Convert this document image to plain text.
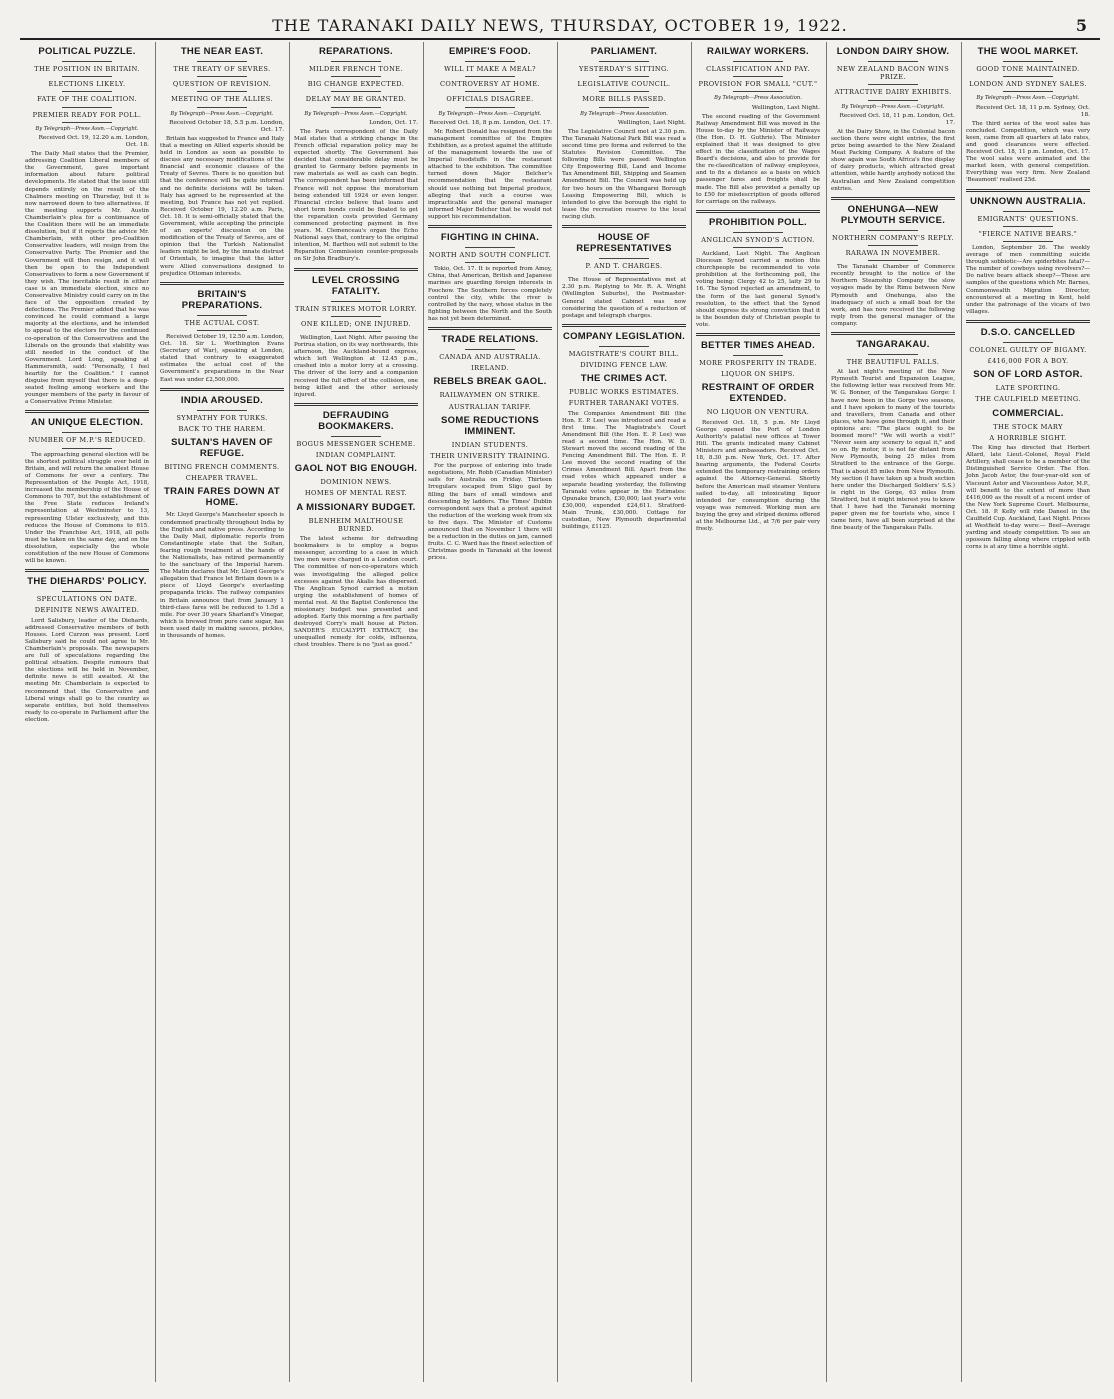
THE TARANAKI DAILY NEWS, THURSDAY, OCTOBER 19, 1922.	5
POLITICAL PUZZLE.
THE POSITION IN BRITAIN.
ELECTIONS LIKELY.
FATE OF THE COALITION.
PREMIER READY FOR POLL.
By Telegraph—Press Assn.—Copyright.
Received Oct. 19, 12.20 a.m. London, Oct. 18.

The Daily Mail states that the Premier, addressing Coalition Liberal members of the Government, gave important information about future political developments. He stated that the issue still depends entirely on the result of the Chalmers meeting on Thursday, but it is now narrowed down to two alternatives. If the meeting supports Mr. Austin Chamberlain's plea for a continuance of the Coalition there will be an immediate dissolution, but if it rejects the advice Mr. Chamberlain, with other pro-Coalition Conservative leaders, will resign from the Conservative Party. The Premier and the Government will then resign, and it will then be open to the Independent Conservatives to form a new Government if they wish. The inevitable result in either case is an immediate election, since no Conservative Ministry could carry on in the face of the opposition created by defections. The Premier added that he was convinced he could command a large majority at the elections, and he intended to appeal to the electors for the continued co-operation of the Conservatives and the Liberals on the grounds that stability was still needed in the conduct of the Government. Lord Long, speaking at Hammersmith, said: "Personally, I feel heartily for the Coalition." I cannot disguise from myself that there is a deep-seated feeling among workers and the younger members of the party in favour of a Conservative Prime Minister.

AN UNIQUE ELECTION.
NUMBER OF M.P.'S REDUCED.

The approaching general election will be the shortest political struggle ever held in Britain, and will return the smallest House of Commons for over a century. The Representation of the People Act, 1918, increased the membership of the House of Commons to 707, but the establishment of the Free State reduces Ireland's representation at Westminster to 13, representing Ulster exclusively, and this reduces the House of Commons to 615. Under the Franchise Act, 1918, all polls must be taken on the same day, and on the dissolution, especially the whole constitution of the new House of Commons will be known.

THE DIEHARDS' POLICY.
SPECULATIONS ON DATE.
DEFINITE NEWS AWAITED.

Lord Salisbury, leader of the Diehards, addressed Conservative members of both Houses. Lord Curzon was present. Lord Salisbury said he could not agree to Mr. Chamberlain's proposals. The newspapers are full of speculations regarding the political situation. Despite rumours that the elections will be held in November, definite news is still awaited. At the meeting Mr. Chamberlain is expected to recommend that the Conservative and Liberal wings shall go to the country as separate entities, but hold themselves ready to co-operate in Parliament after the election.

THE NEAR EAST.
THE TREATY OF SEVRES.
QUESTION OF REVISION.
MEETING OF THE ALLIES.
By Telegraph—Press Assn.—Copyright.
Received October 18, 5.5 p.m. London, Oct. 17.

Britain has suggested to France and Italy that a meeting on Allied experts should be held in London as soon as possible to discuss any necessary modifications of the financial and economic clauses of the Treaty of Sevres. There is no question but that the conference will be quite informal and no definite decisions will be taken. Italy has agreed to be represented at the meeting, but France has not yet replied. Received October 19, 12.20 a.m. Paris, Oct. 18. It is semi-officially stated that the Government, while accepting the principle of an experts' discussion on the modification of the Treaty of Sevres, are of opinion that the Turkish Nationalist leaders might be led, by the innate distrust of Orientals, to imagine that the latter were Allied conversations designed to prejudice Ottoman interests.

BRITAIN'S PREPARATIONS.
THE ACTUAL COST.

Received October 19, 12.50 a.m. London, Oct. 18. Sir L. Worthington Evans (Secretary of War), speaking at London, stated that contrary to exaggerated estimates the actual cost of the Government's preparations in the Near East was under £2,500,000.

INDIA AROUSED.
SYMPATHY FOR TURKS.
BACK TO THE HAREM.
SULTAN'S HAVEN OF REFUGE.
BITING FRENCH COMMENTS.
CHEAPER TRAVEL.
TRAIN FARES DOWN AT HOME.

Mr. Lloyd George's Manchester speech is condemned practically throughout India by the English and native press. According to the Daily Mail, diplomatic reports from Constantinople state that the Sultan, fearing rough treatment at the hands of the Nationalists, has retired permanently to the sanctuary of the Imperial harem. The Matin declares that Mr. Lloyd George's allegation that France let Britain down is a piece of Lloyd George's everlasting propaganda tricks. The railway companies in Britain announce that from January 1 third-class fares will be reduced to 1.5d a mile. For over 30 years Sharland's Vinegar, which is brewed from pure cane sugar, has been used daily in making sauces, pickles, in thousands of homes.

REPARATIONS.
MILDER FRENCH TONE.
BIG CHANGE EXPECTED.
DELAY MAY BE GRANTED.
By Telegraph—Press Assn.—Copyright.
London, Oct. 17.

The Paris correspondent of the Daily Mail states that a striking change in the French official reparation policy may be expected shortly. The Government has decided that considerable delay must be granted to Germany before payments in raw materials as well as cash can begin. The correspondent has been informed that France will not oppose the moratorium being extended till 1924 or even longer. Financial circles believe that loans and short term bonds could be floated to get the reparation costs provided Germany commenced protecting payment in five years. M. Clemenceau's organ the Echo National says that, contrary to the original intention, M. Barthou will not submit to the Reparation Commission counter-proposals on Sir John Bradbury's.

LEVEL CROSSING FATALITY.
TRAIN STRIKES MOTOR LORRY.
ONE KILLED; ONE INJURED.

Wellington, Last Night. After passing the Porirua station, on its way northwards, this afternoon, the Auckland-bound express, which left Wellington at 12.45 p.m., crashed into a motor lorry at a crossing. The driver of the lorry and a companion received the full effect of the collision, one being killed and the other seriously injured.

DEFRAUDING BOOKMAKERS.
BOGUS MESSENGER SCHEME.
INDIAN COMPLAINT.
GAOL NOT BIG ENOUGH.
DOMINION NEWS.
HOMES OF MENTAL REST.
A MISSIONARY BUDGET.
BLENHEIM MALTHOUSE BURNED.

The latest scheme for defrauding bookmakers is to employ a bogus messenger, according to a case in which two men were charged in a London court. The committee of non-co-operators which was investigating the alleged police excesses against the Akalis has dispersed. The Anglican Synod carried a motion urging the establishment of homes of mental rest. At the Baptist Conference the missionary budget was presented and adopted. Early this morning a fire partially destroyed Corry's malt house at Picton. SANDER'S EUCALYPTI EXTRACT, the unequalled remedy for colds, influenza, chest troubles. There is no "just as good."

EMPIRE'S FOOD.
WILL IT MAKE A MEAL?
CONTROVERSY AT HOME.
OFFICIALS DISAGREE.
By Telegraph—Press Assn.—Copyright.
Received Oct. 18, 8 p.m. London, Oct. 17.

Mr. Robert Donald has resigned from the management committee of the Empire Exhibition, as a protest against the attitude of the management towards the use of Imperial foodstuffs in the restaurant attached to the exhibition. The committee turned down Major Belcher's recommendation that the restaurant should use nothing but Imperial produce, alleging that such a course was impracticable and the general manager informed Major Belcher that he would not support his recommendation.

FIGHTING IN CHINA.
NORTH AND SOUTH CONFLICT.

Tokio, Oct. 17. It is reported from Amoy, China, that American, British and Japanese marines are guarding foreign interests in Foochow. The Southern forces completely control the city, while the river is controlled by the navy, whose status in the fighting between the North and the South has not yet been determined.

TRADE RELATIONS.
CANADA AND AUSTRALIA.
IRELAND.
REBELS BREAK GAOL.
RAILWAYMEN ON STRIKE.
AUSTRALIAN TARIFF.
SOME REDUCTIONS IMMINENT.
INDIAN STUDENTS.
THEIR UNIVERSITY TRAINING.

For the purpose of entering into trade negotiations, Mr. Robb (Canadian Minister) sails for Australia on Friday. Thirteen Irregulars escaped from Sligo gaol by filling the bars of small windows and descending by ladders. The Times' Dublin correspondent says that a protest against the reduction of the working week from six to five days. The Minister of Customs announced that on November 1 there will be a reduction in the duties on jam, canned fruits. C. C. Ward has the finest selection of Christmas goods in Taranaki at the lowest prices.

PARLIAMENT.
YESTERDAY'S SITTING.
LEGISLATIVE COUNCIL.
MORE BILLS PASSED.
By Telegraph—Press Association.
Wellington, Last Night.

The Legislative Council met at 2.30 p.m. The Taranaki National Park Bill was read a second time pro forma and referred to the Statutes Revision Committee. The following Bills were passed: Wellington City Empowering Bill, Land and Income Tax Amendment Bill, Shipping and Seamen Amendment Bill. The Council was held up for two hours on the Whangarei Borough Leasing Empowering Bill, which is intended to give the borough the right to lease the recreation reserve to the local racing club.

HOUSE OF REPRESENTATIVES
P. AND T. CHARGES.

The House of Representatives met at 2.30 p.m. Replying to Mr. R. A. Wright (Wellington Suburbs), the Postmaster-General stated Cabinet was now considering the question of a reduction of postage and telegraph charges.

COMPANY LEGISLATION.
MAGISTRATE'S COURT BILL.
DIVIDING FENCE LAW.
THE CRIMES ACT.
PUBLIC WORKS ESTIMATES.
FURTHER TARANAKI VOTES.

The Companies Amendment Bill (the Hon. E. P. Lee) was introduced and read a first time. The Magistrate's Court Amendment Bill (the Hon. E. P. Lee) was read a second time. The Hon. W. D. Stewart moved the second reading of the Fencing Amendment Bill. The Hon. E. P. Lee moved the second reading of the Crimes Amendment Bill. Apart from the road votes which appeared under a separate heading yesterday, the following Taranaki votes appear in the Estimates: Opunake branch, £30,000; last year's vote £30,000, expended £24,611. Stratford-Main Trunk, £30,000. Cottage for custodian, New Plymouth departmental buildings, £1125.

RAILWAY WORKERS.
CLASSIFICATION AND PAY.
PROVISION FOR SMALL "CUT."
By Telegraph—Press Association.
Wellington, Last Night.

The second reading of the Government Railway Amendment Bill was moved in the House to-day by the Minister of Railways (the Hon. D. H. Guthrie). The Minister explained that it was designed to give effect in the classification of the Wages Board's decisions, and also to provide for the re-classification of railway employees, and to fix a distance as a basis on which passenger fares and freights shall be made. The Bill also provided a penalty up to £50 for misdescription of goods offered for carriage on the railways.

PROHIBITION POLL.
ANGLICAN SYNOD'S ACTION.

Auckland, Last Night. The Anglican Diocesan Synod carried a motion this churchpeople be recommended to vote prohibition at the forthcoming poll, the voting being: Clergy 42 to 25, laity 29 to 16. The Synod rejected an amendment, to the form of the last general Synod's resolution, to the effect that the Synod should express its strong conviction that it is the bounden duty of Christian people to vote.

BETTER TIMES AHEAD.
MORE PROSPERITY IN TRADE.
LIQUOR ON SHIPS.
RESTRAINT OF ORDER EXTENDED.
NO LIQUOR ON VENTURA.

Received Oct. 18, 5 p.m. Mr Lloyd George opened the Port of London Authority's palatial new offices at Tower Hill. The grants indicated many Cabinet Ministers and ambassadors. Received Oct. 18, 8.30 p.m. New York, Oct. 17. After hearing arguments, the Federal Courts extended the temporary restraining orders against the Attorney-General. Shortly before the American mail steamer Ventura sailed to-day, all intoxicating liquor intended for consumption during the voyage was removed. Working men are buying the grey and striped denims offered at the Melbourne Ltd., at 7/6 per pair very freely.

LONDON DAIRY SHOW.
NEW ZEALAND BACON WINS PRIZE.
ATTRACTIVE DAIRY EXHIBITS.
By Telegraph—Press Assn.—Copyright.
Received Oct. 18, 11 p.m. London, Oct. 17.

At the Dairy Show, in the Colonial bacon section there were eight entries, the first prize being awarded to the New Zealand Meat Packing Company. A feature of the show again was South Africa's fine display of dairy products, which attracted great attention, while hardly anybody noticed the Australian and New Zealand competition entries.

ONEHUNGA—NEW PLYMOUTH SERVICE.
NORTHERN COMPANY'S REPLY.
RARAWA IN NOVEMBER.

The Taranaki Chamber of Commerce recently brought to the notice of the Northern Steamship Company the slow voyages made by the Rimu between New Plymouth and Onehunga, also the inadequacy of such a small boat for the work, and has now received the following reply from the general manager of the company.

TANGARAKAU.
THE BEAUTIFUL FALLS.

At last night's meeting of the New Plymouth Tourist and Expansion League, the following letter was received from Mr. W. G. Bonner, of the Tangarakau Gorge: I have now been in the Gorge two seasons, and I have spoken to many of the tourists and travellers, from Canada and other places, who have gone through it, and their opinions are: "The place ought to be boomed more!" "We will worth a visit!" "Never seen any scenery to equal it," and so on. By motor, it is not far distant from New Plymouth, being 25 miles from Stratford to the entrance of the Gorge. That is about 85 miles from New Plymouth. My section (I have taken up a bush section here under the Discharged Soldiers' S.S.) is right in the Gorge, 63 miles from Stratford, but it might interest you to know that I have had the Taranaki morning paper given me for tourists who, since I came here, have all been surprised at the fine beauty of the Tangarakau Falls.

THE WOOL MARKET.
GOOD TONE MAINTAINED.
LONDON AND SYDNEY SALES.
By Telegraph—Press Assn.—Copyright.
Received Oct. 18, 11 p.m. Sydney, Oct. 18.

The third series of the wool sales has concluded. Competition, which was very keen, came from all quarters at late rates, and good clearances were effected. Received Oct. 18, 11 p.m. London, Oct. 17. The wool sales were animated and the market keen, with general competition. Everything was very firm. New Zealand 'Beaumont' realised 25d.

UNKNOWN AUSTRALIA.
EMIGRANTS' QUESTIONS.
"FIERCE NATIVE BEARS."

London, September 26. The weekly average of men committing suicide through sobbiotic—Are spiderbites fatal?—The number of cowboys using revolvers?—Do native bears attack sheep?—These are samples of the questions which Mr. Barnes, Commonwealth Migration Director, encountered at a meeting in Kent, held under the patronage of the vicars of two villages.

D.S.O. CANCELLED
COLONEL GUILTY OF BIGAMY.
£416,000 FOR A BOY.
SON OF LORD ASTOR.
LATE SPORTING.
THE CAULFIELD MEETING.
COMMERCIAL.
THE STOCK MARY
A HORRIBLE SIGHT.

The King has directed that Herbert Allard, late Lieut.-Colonel, Royal Field Artillery, shall cease to be a member of the Distinguished Service Order. The Hon. John Jacob Astor, the four-year-old son of Viscount Astor and Viscountess Astor, M.P., will benefit to the extent of more than £416,000 as the result of a recent order of the New York Supreme Court. Melbourne, Oct. 18. P. Kelly will ride Daneel in the Caulfield Cup. Auckland, Last Night. Prices at Westfield to-day were:— Beef—Average yarding and steady competition. To see an opossum falling along where crippled with corns is at any time a horrible sight.
